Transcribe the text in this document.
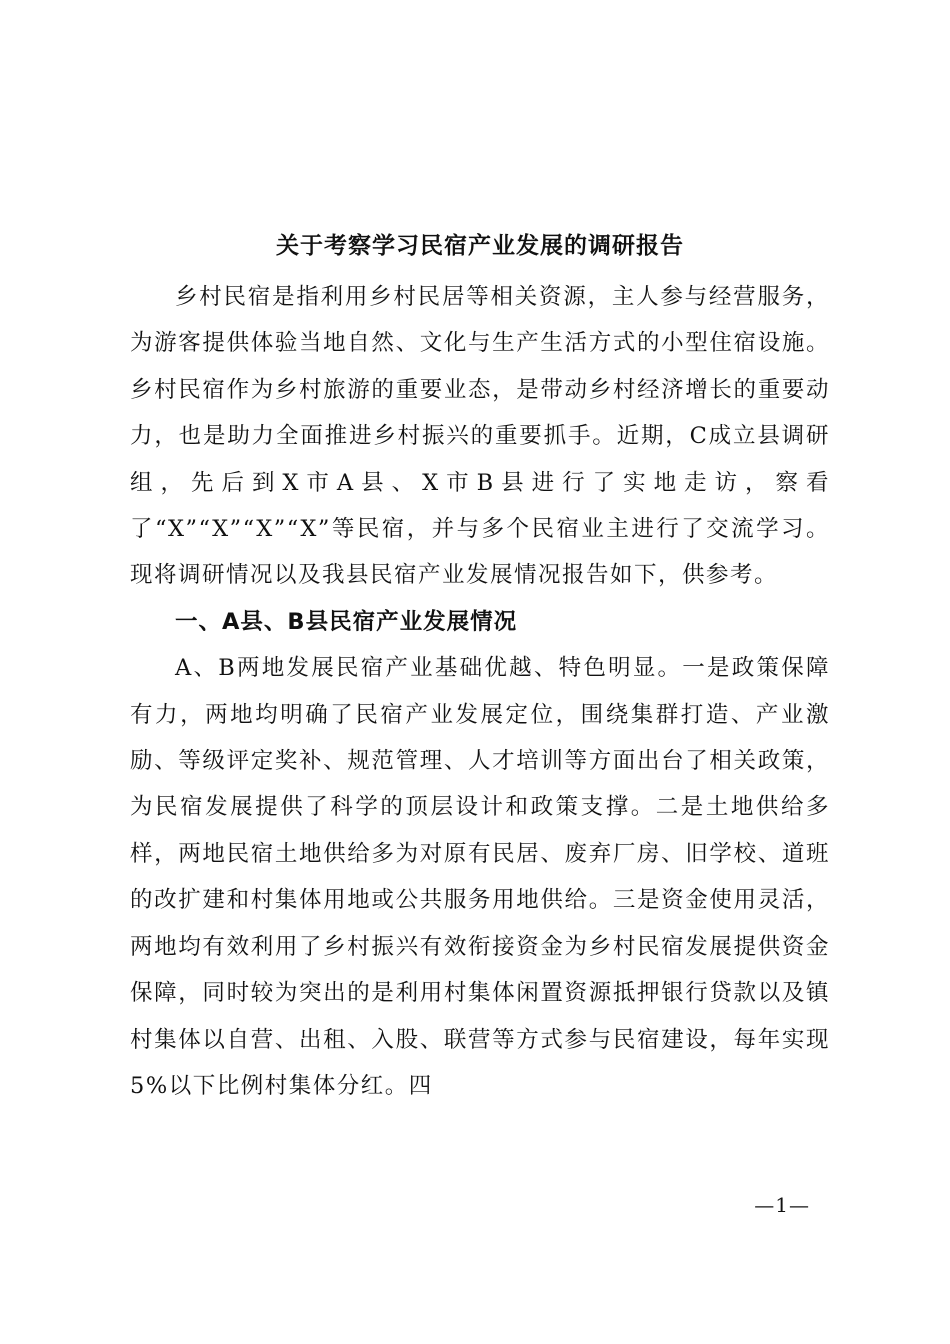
关于考察学习民宿产业发展的调研报告

乡村民宿是指利用乡村民居等相关资源，主人参与经营服务，为游客提供体验当地自然、文化与生产生活方式的小型住宿设施。乡村民宿作为乡村旅游的重要业态，是带动乡村经济增长的重要动力，也是助力全面推进乡村振兴的重要抓手。近期，C成立县调研组，先后到X市A县、X市B县进行了实地走访，察看了“X”“X”“X”“X”等民宿，并与多个民宿业主进行了交流学习。现将调研情况以及我县民宿产业发展情况报告如下，供参考。

一、A县、B县民宿产业发展情况

A、B两地发展民宿产业基础优越、特色明显。一是政策保障有力，两地均明确了民宿产业发展定位，围绕集群打造、产业激励、等级评定奖补、规范管理、人才培训等方面出台了相关政策，为民宿发展提供了科学的顶层设计和政策支撑。二是土地供给多样，两地民宿土地供给多为对原有民居、废弃厂房、旧学校、道班的改扩建和村集体用地或公共服务用地供给。三是资金使用灵活，两地均有效利用了乡村振兴有效衔接资金为乡村民宿发展提供资金保障，同时较为突出的是利用村集体闲置资源抵押银行贷款以及镇村集体以自营、出租、入股、联营等方式参与民宿建设，每年实现5%以下比例村集体分红。四

—1—
